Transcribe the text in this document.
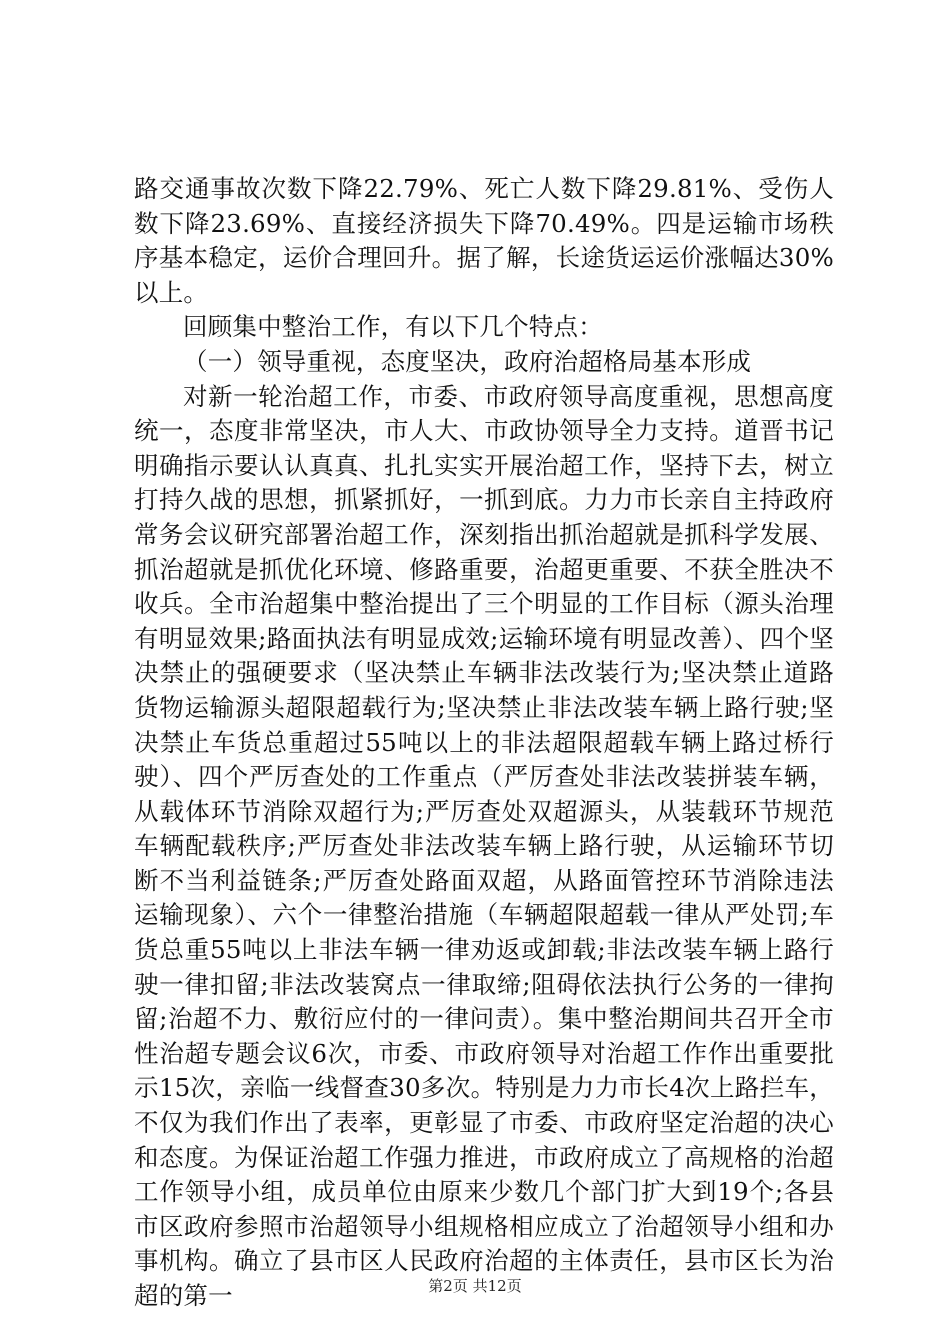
路交通事故次数下降22.79%、死亡人数下降29.81%、受伤人数下降23.69%、直接经济损失下降70.49%。四是运输市场秩序基本稳定，运价合理回升。据了解，长途货运运价涨幅达30%以上。

回顾集中整治工作，有以下几个特点：

（一）领导重视，态度坚决，政府治超格局基本形成

对新一轮治超工作，市委、市政府领导高度重视，思想高度统一，态度非常坚决，市人大、市政协领导全力支持。道晋书记明确指示要认认真真、扎扎实实开展治超工作，坚持下去，树立打持久战的思想，抓紧抓好，一抓到底。力力市长亲自主持政府常务会议研究部署治超工作，深刻指出抓治超就是抓科学发展、抓治超就是抓优化环境、修路重要，治超更重要、不获全胜决不收兵。全市治超集中整治提出了三个明显的工作目标（源头治理有明显效果;路面执法有明显成效;运输环境有明显改善）、四个坚决禁止的强硬要求（坚决禁止车辆非法改装行为;坚决禁止道路货物运输源头超限超载行为;坚决禁止非法改装车辆上路行驶;坚决禁止车货总重超过55吨以上的非法超限超载车辆上路过桥行驶）、四个严厉查处的工作重点（严厉查处非法改装拼装车辆，从载体环节消除双超行为;严厉查处双超源头，从装载环节规范车辆配载秩序;严厉查处非法改装车辆上路行驶，从运输环节切断不当利益链条;严厉查处路面双超，从路面管控环节消除违法运输现象）、六个一律整治措施（车辆超限超载一律从严处罚;车货总重55吨以上非法车辆一律劝返或卸载;非法改装车辆上路行驶一律扣留;非法改装窝点一律取缔;阻碍依法执行公务的一律拘留;治超不力、敷衍应付的一律问责）。集中整治期间共召开全市性治超专题会议6次，市委、市政府领导对治超工作作出重要批示15次，亲临一线督查30多次。特别是力力市长4次上路拦车，不仅为我们作出了表率，更彰显了市委、市政府坚定治超的决心和态度。为保证治超工作强力推进，市政府成立了高规格的治超工作领导小组，成员单位由原来少数几个部门扩大到19个;各县市区政府参照市治超领导小组规格相应成立了治超领导小组和办事机构。确立了县市区人民政府治超的主体责任，县市区长为治超的第一	第2页 共12页
